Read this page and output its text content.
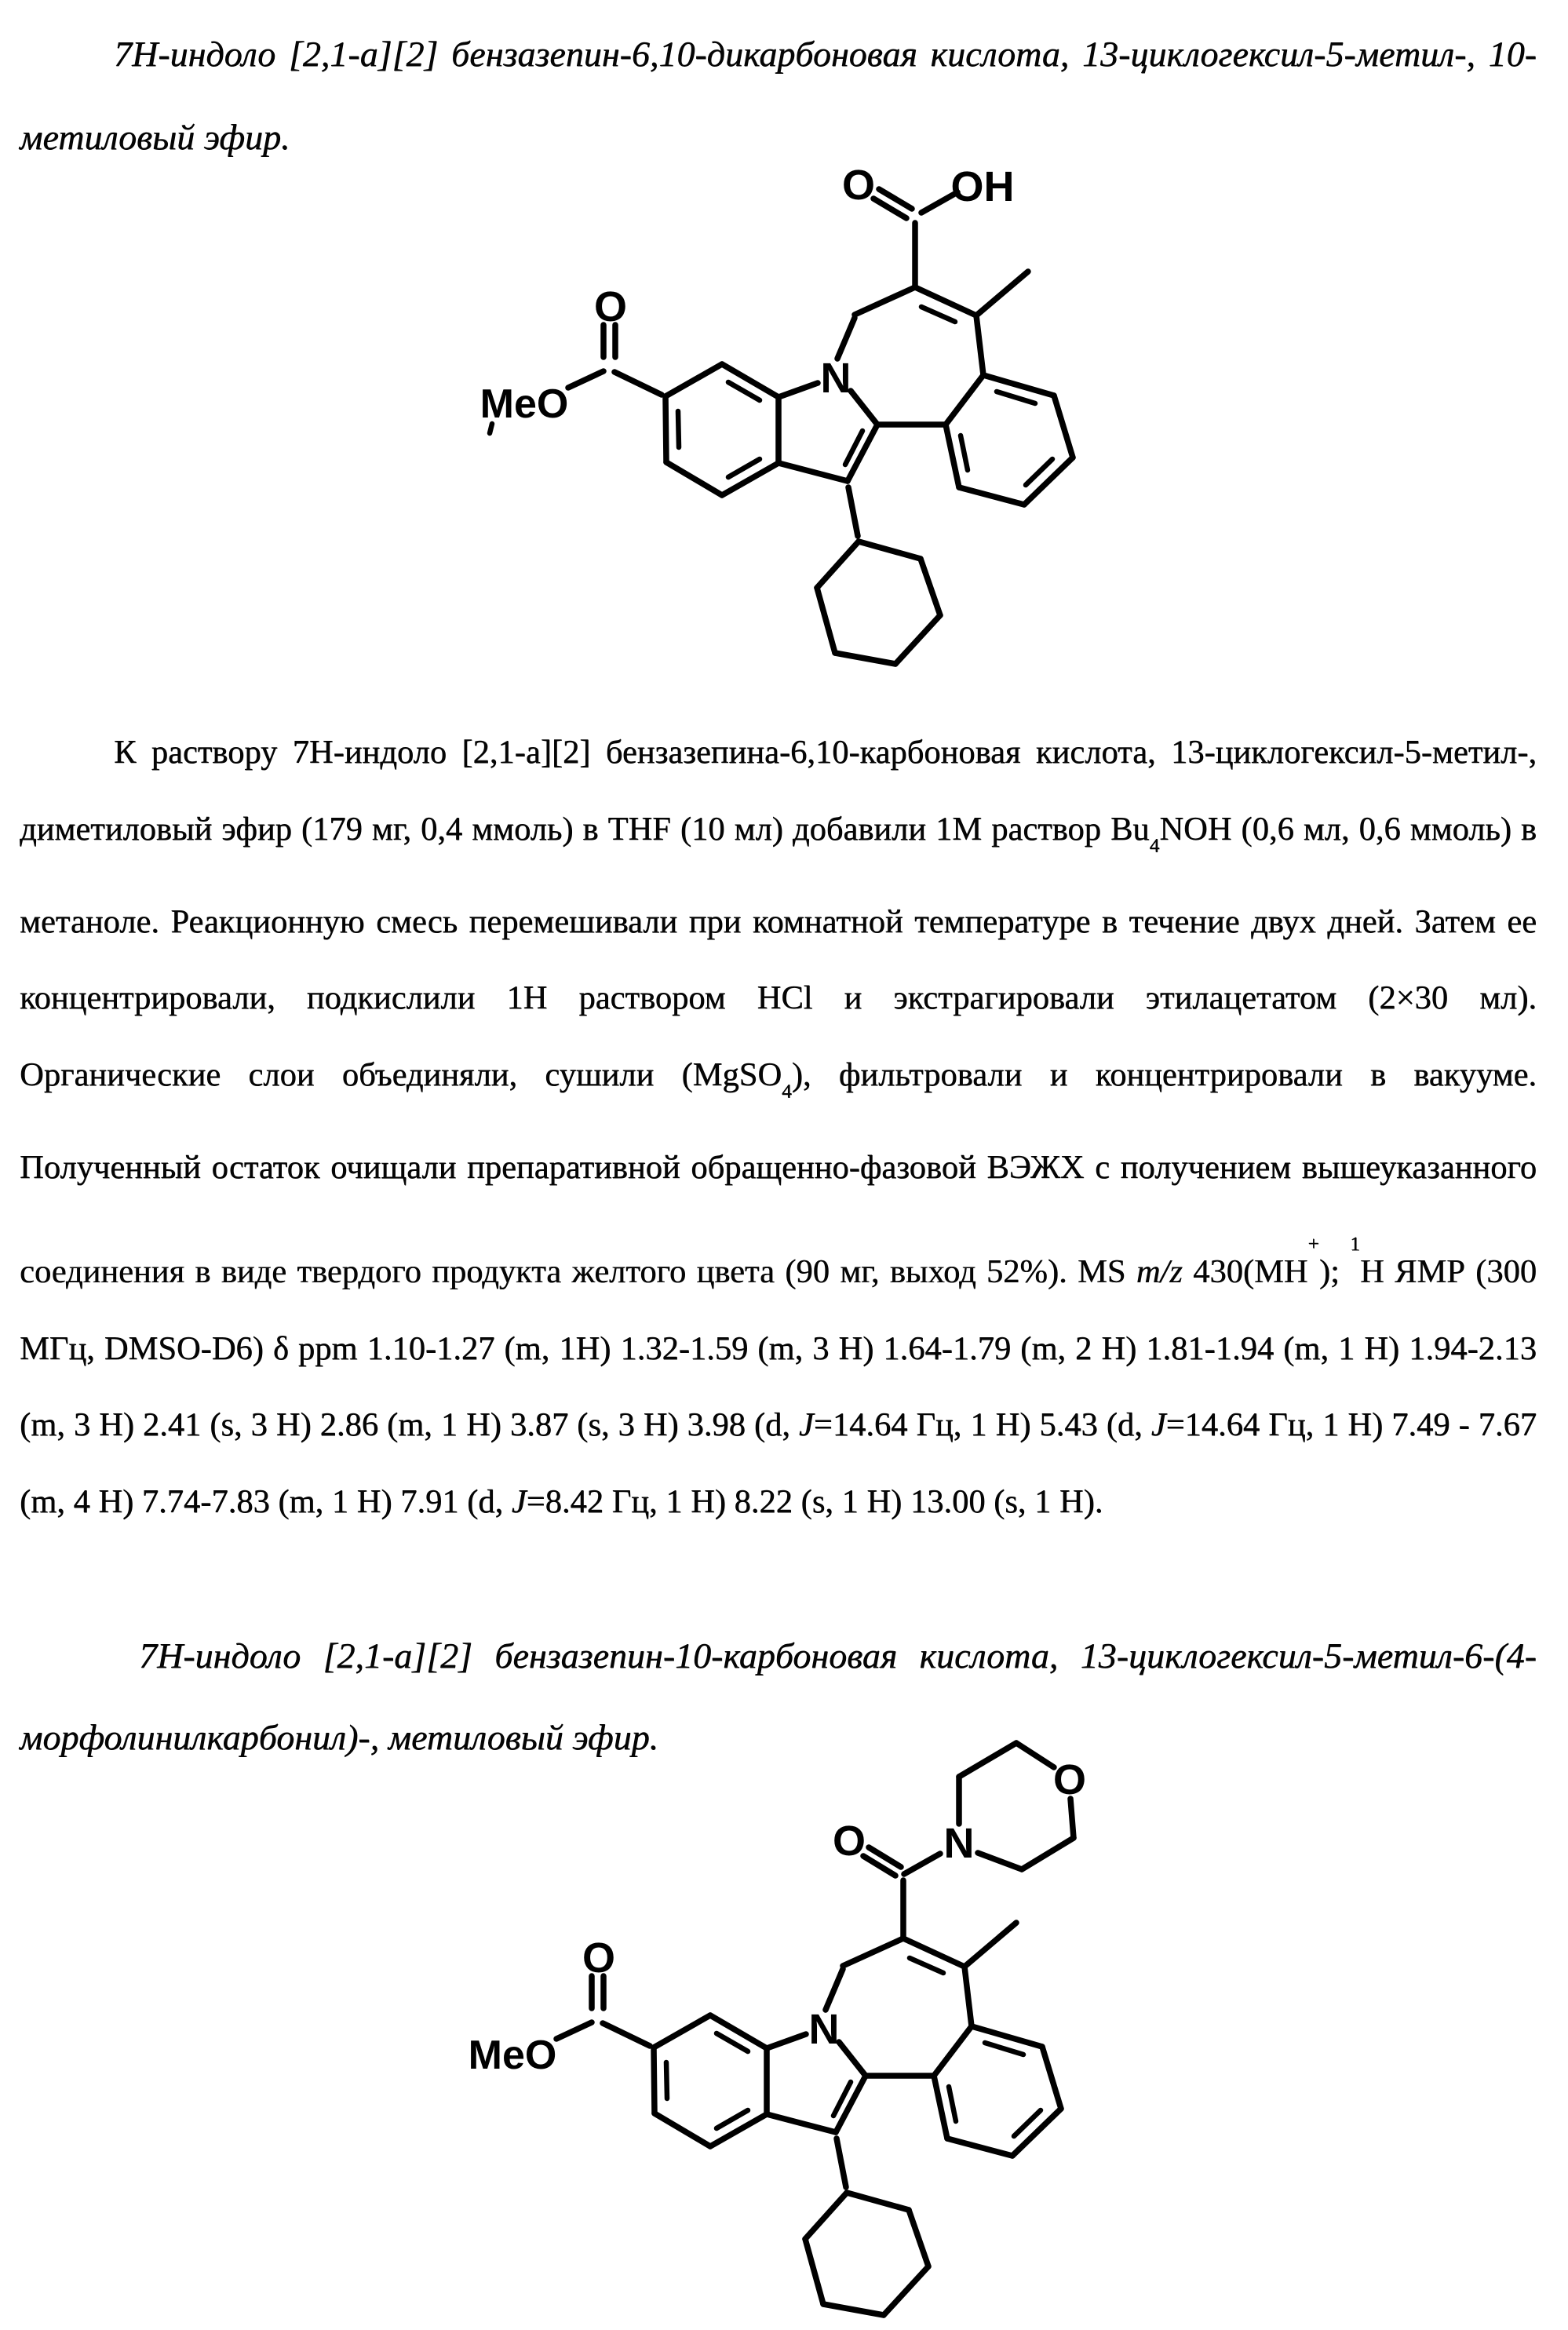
7H-индоло [2,1-a][2] бензазепин-6,10-дикарбоновая кислота, 13-циклогексил-5-метил-, 10-метиловый эфир.

MeO
O
O OH
N

К раствору 7H-индоло [2,1-a][2] бензазепина-6,10-карбоновая кислота, 13-циклогексил-5-метил-, диметиловый эфир (179 мг, 0,4 ммоль) в THF (10 мл) добавили 1M раствор $Bu_4NOH$ (0,6 мл, 0,6 ммоль) в метаноле. Реакционную смесь перемешивали при комнатной температуре в течение двух дней. Затем ее концентрировали, подкислили 1H раствором HCl и экстрагировали этилацетатом (2×30 мл). Органические слои объединяли, сушили (MgSO$_4$), фильтровали и концентрировали в вакууме. Полученный остаток очищали препаративной обращенно-фазовой ВЭЖХ с получением вышеуказанного соединения в виде твердого продукта желтого цвета (90 мг, выход 52%). MS m/z 430(MH+); $^1$H ЯМР (300 МГц, DMSO-D6) δ ppm 1.10-1.27 (m, 1H) 1.32-1.59 (m, 3 H) 1.64-1.79 (m, 2 H) 1.81-1.94 (m, 1 H) 1.94-2.13 (m, 3 H) 2.41 (s, 3 H) 2.86 (m, 1 H) 3.87 (s, 3 H) 3.98 (d, J=14.64 Гц, 1 H) 5.43 (d, J=14.64 Гц, 1 H) 7.49 - 7.67 (m, 4 H) 7.74-7.83 (m, 1 H) 7.91 (d, J=8.42 Гц, 1 H) 8.22 (s, 1 H) 13.00 (s, 1 H).

7H-индоло [2,1-a][2] бензазепин-10-карбоновая кислота, 13-циклогексил-5-метил-6-(4-морфолинилкарбонил)-, метиловый эфир.

MeO
O
O N
O
N
